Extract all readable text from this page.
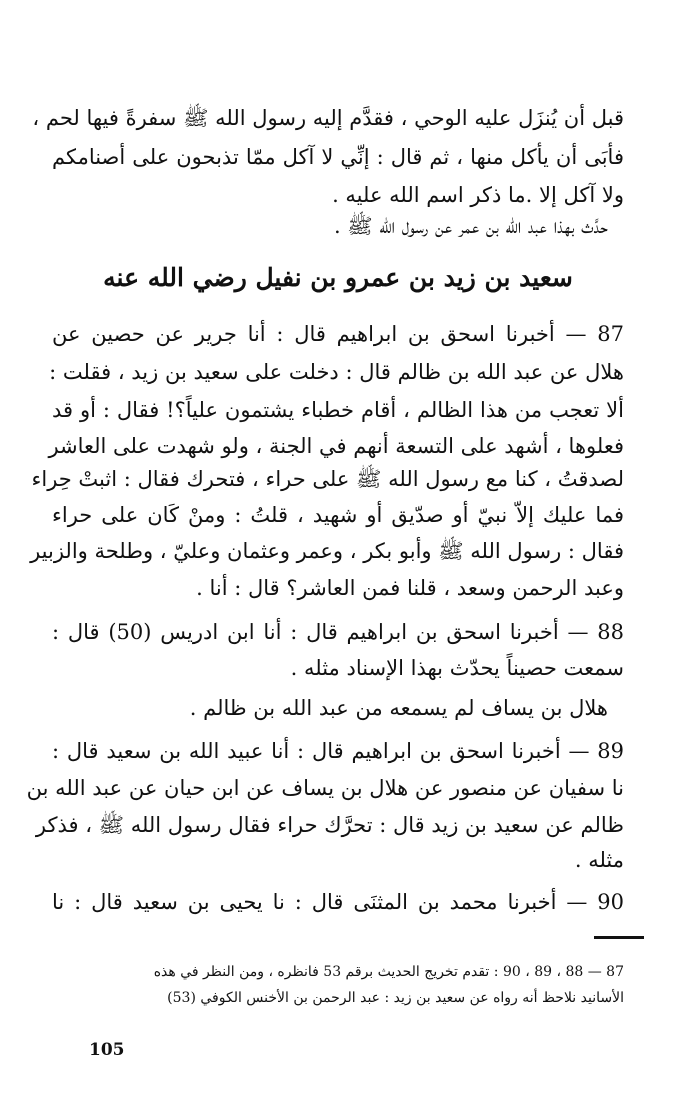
قبل أن يُنزَل عليه الوحي ، فقدَّم إليه رسول الله ﷺ سفرةً فيها لحم ،
فأبَى أن يأكل منها ، ثم قال : إنِّي لا آكل ممّا تذبحون على أصنامكم
ولا آكل إلا .ما ذكر اسم الله عليه .
حدَّث بهذا عبد الله بن عمر عن رسول الله ﷺ .
سعيد بن زيد بن عمرو بن نفيل رضي الله عنه
87 — أخبرنا اسحق بن ابراهيم قال : أنا جرير عن حصين عن
هلال عن عبد الله بن ظالم قال : دخلت على سعيد بن زيد ، فقلت :
ألا تعجب من هذا الظالم ، أقام خطباء يشتمون علياً؟! فقال : أو قد
فعلوها ، أشهد على التسعة أنهم في الجنة ، ولو شهدت على العاشر
لصدقتُ ، كنا مع رسول الله ﷺ على حراء ، فتحرك فقال : اثبتْ حِراء
فما عليك إلاّ نبيّ أو صدّيق أو شهيد ، قلتُ : ومنْ كَان على حراء
فقال : رسول الله ﷺ وأبو بكر ، وعمر وعثمان وعليّ ، وطلحة والزبير
وعبد الرحمن وسعد ، قلنا فمن العاشر؟ قال : أنا .
88 — أخبرنا اسحق بن ابراهيم قال : أنا ابن ادريس (50) قال :
سمعت حصيناً يحدّث بهذا الإسناد مثله .
هلال بن يساف لم يسمعه من عبد الله بن ظالم .
89 — أخبرنا اسحق بن ابراهيم قال : أنا عبيد الله بن سعيد قال :
نا سفيان عن منصور عن هلال بن يساف عن ابن حيان عن عبد الله بن
ظالم عن سعيد بن زيد قال : تحرَّك حراء فقال رسول الله ﷺ ، فذكر
مثله .
90 — أخبرنا محمد بن المثنَى قال : نا يحيى بن سعيد قال : نا
87 — 88 ، 89 ، 90 : تقدم تخريج الحديث برقم 53 فانظره ، ومن النظر في هذه
الأسانيد نلاحظ أنه رواه عن سعيد بن زيد : عبد الرحمن بن الأخنس الكوفي (53)
105
